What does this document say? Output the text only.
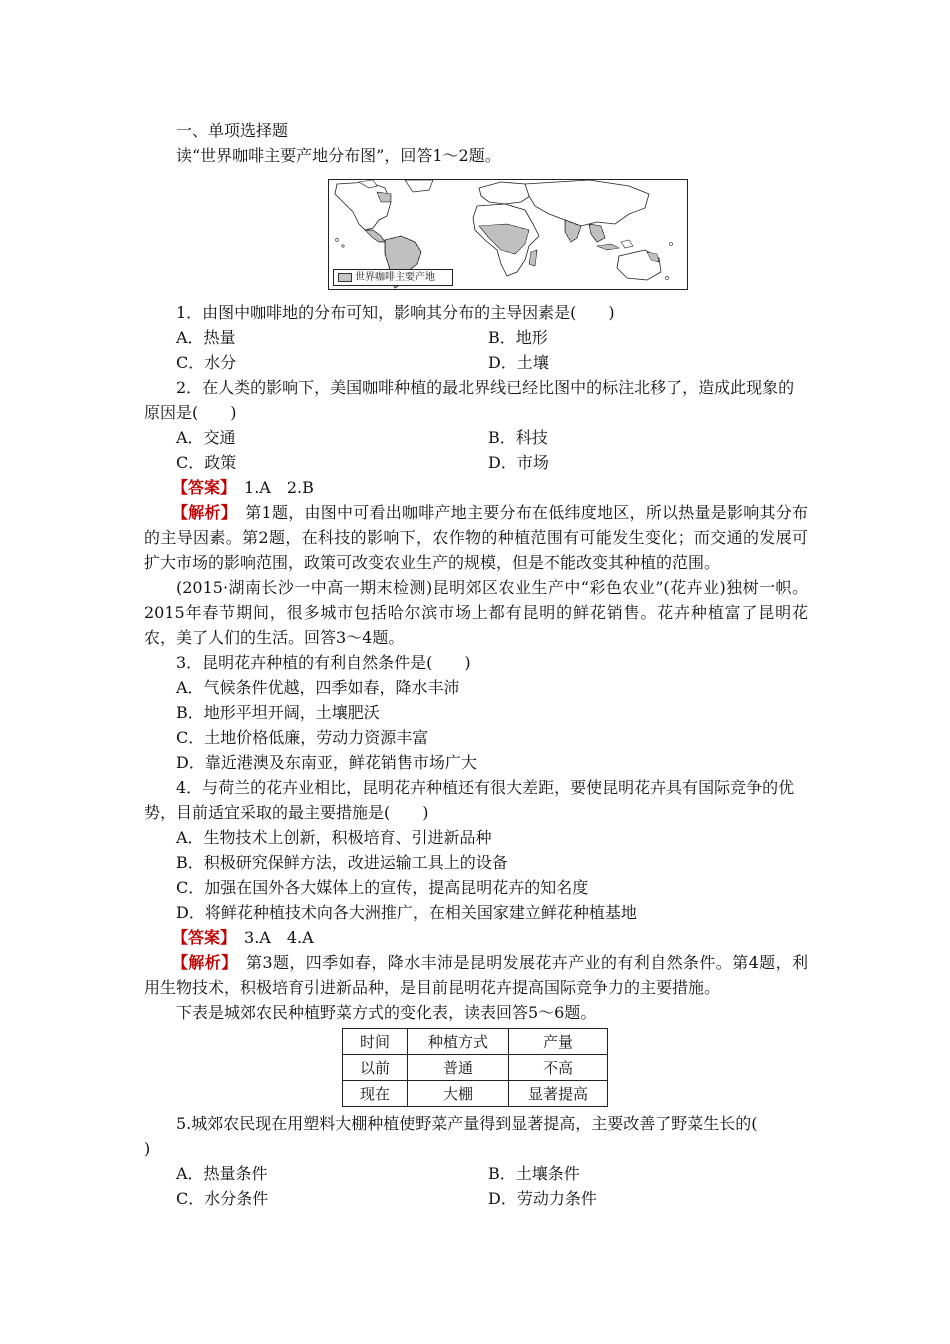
一、单项选择题
读“世界咖啡主要产地分布图”，回答1～2题。
世界咖啡主要产地
1．由图中咖啡地的分布可知，影响其分布的主导因素是(　　)
A．热量	B．地形
C．水分	D．土壤
2．在人类的影响下，美国咖啡种植的最北界线已经比图中的标注北移了，造成此现象的
原因是(　　)
A．交通	B．科技
C．政策	D．市场
【答案】　1.A　2.B
【解析】　第1题，由图中可看出咖啡产地主要分布在低纬度地区，所以热量是影响其分布的主导因素。第2题，在科技的影响下，农作物的种植范围有可能发生变化；而交通的发展可扩大市场的影响范围，政策可改变农业生产的规模，但是不能改变其种植的范围。
(2015·湖南长沙一中高一期末检测)昆明郊区农业生产中“彩色农业”(花卉业)独树一帜。2015年春节期间，很多城市包括哈尔滨市场上都有昆明的鲜花销售。花卉种植富了昆明花农，美了人们的生活。回答3～4题。
3．昆明花卉种植的有利自然条件是(　　)
A．气候条件优越，四季如春，降水丰沛
B．地形平坦开阔，土壤肥沃
C．土地价格低廉，劳动力资源丰富
D．靠近港澳及东南亚，鲜花销售市场广大
4．与荷兰的花卉业相比，昆明花卉种植还有很大差距，要使昆明花卉具有国际竞争的优
势，目前适宜采取的最主要措施是(　　)
A．生物技术上创新，积极培育、引进新品种
B．积极研究保鲜方法，改进运输工具上的设备
C．加强在国外各大媒体上的宣传，提高昆明花卉的知名度
D．将鲜花种植技术向各大洲推广，在相关国家建立鲜花种植基地
【答案】　3.A　4.A
【解析】　第3题，四季如春，降水丰沛是昆明发展花卉产业的有利自然条件。第4题，利用生物技术，积极培育引进新品种，是目前昆明花卉提高国际竞争力的主要措施。
下表是城郊农民种植野菜方式的变化表，读表回答5～6题。
时间	种植方式	产量
以前	普通	不高
现在	大棚	显著提高
5.城郊农民现在用塑料大棚种植使野菜产量得到显著提高，主要改善了野菜生长的(
)
A．热量条件	B．土壤条件
C．水分条件	D．劳动力条件
